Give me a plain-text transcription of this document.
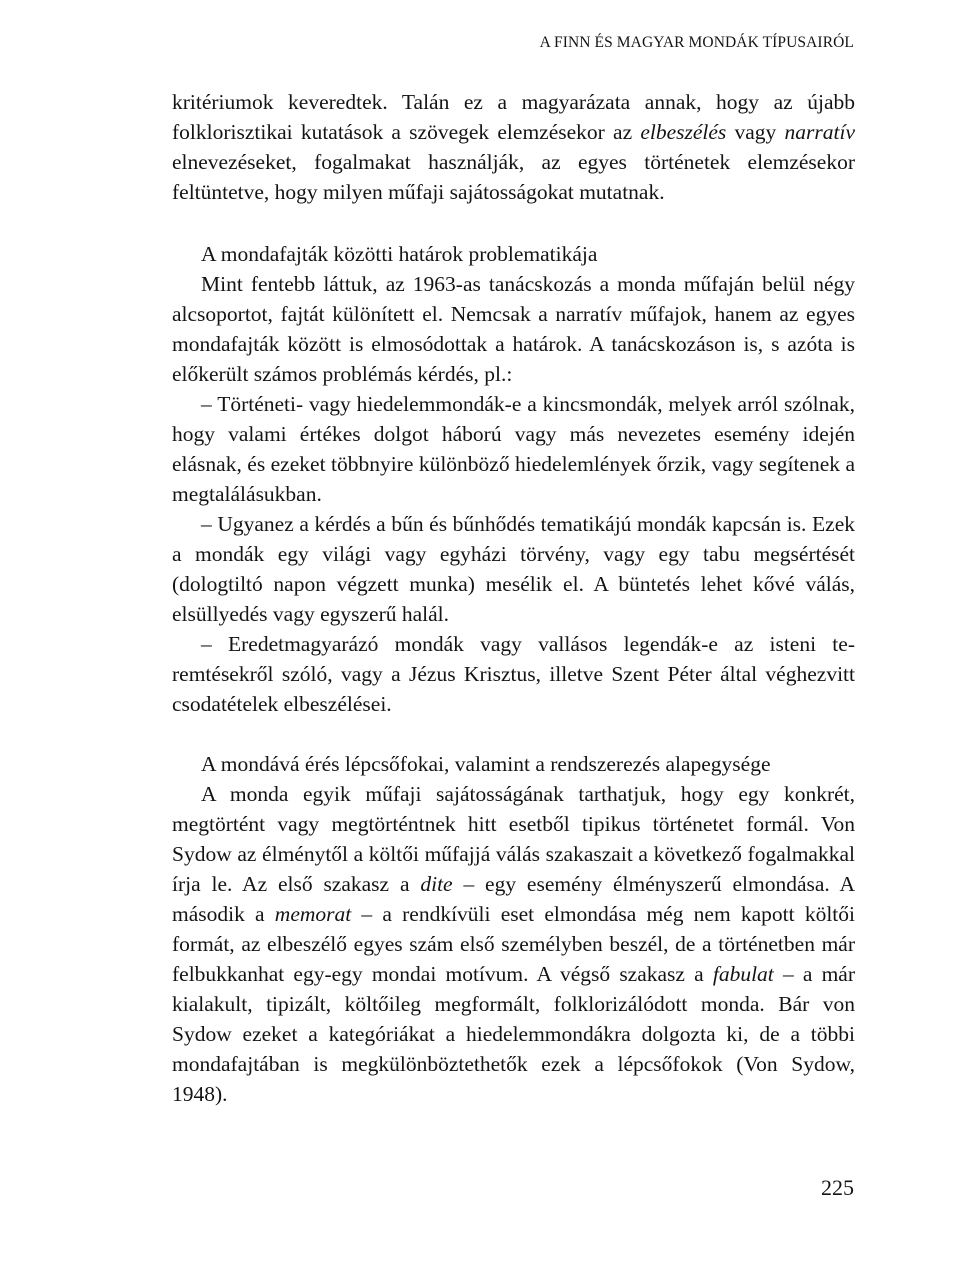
A FINN ÉS MAGYAR MONDÁK TÍPUSAIRÓL

kritériumok keveredtek. Talán ez a magyarázata annak, hogy az újabb folklorisztikai kutatások a szövegek elemzésekor az elbeszélés vagy narratív elnevezéseket, fogalmakat használják, az egyes történetek elemzésekor feltüntetve, hogy milyen műfaji sajátosságokat mutatnak.

A mondafajták közötti határok problematikája

Mint fentebb láttuk, az 1963-as tanácskozás a monda műfaján belül négy alcsoportot, fajtát különített el. Nemcsak a narratív műfajok, hanem az egyes mondafajták között is elmosódottak a határok. A tanácskozáson is, s azóta is előkerült számos problémás kérdés, pl.:

– Történeti- vagy hiedelemmondák-e a kincsmondák, melyek arról szólnak, hogy valami értékes dolgot háború vagy más nevezetes esemény idején elásnak, és ezeket többnyire különböző hiedelemlények őrzik, vagy segítenek a megtalálásukban.

– Ugyanez a kérdés a bűn és bűnhődés tematikájú mondák kapcsán is. Ezek a mondák egy világi vagy egyházi törvény, vagy egy tabu megsértését (dologtiltó napon végzett munka) mesélik el. A büntetés lehet kővé válás, elsüllyedés vagy egyszerű halál.

– Eredetmagyarázó mondák vagy vallásos legendák-e az isteni teremtésekről szóló, vagy a Jézus Krisztus, illetve Szent Péter által véghezvitt csodatételek elbeszélései.

A mondává érés lépcsőfokai, valamint a rendszerezés alapegysége

A monda egyik műfaji sajátosságának tarthatjuk, hogy egy konkrét, megtörtént vagy megtörténtnek hitt esetből tipikus történetet formál. Von Sydow az élménytől a költői műfajjá válás szakaszait a következő fogalmakkal írja le. Az első szakasz a dite – egy esemény élményszerű elmondása. A második a memorat – a rendkívüli eset elmondása még nem kapott költői formát, az elbeszélő egyes szám első személyben beszél, de a történetben már felbukkanhat egy-egy mondai motívum. A végső szakasz a fabulat – a már kialakult, tipizált, költőileg megformált, folklorizálódott monda. Bár von Sydow ezeket a kategóriákat a hiedelemmondákra dolgozta ki, de a többi mondafajtában is megkülönböztethetők ezek a lépcsőfokok (Von Sydow, 1948).

225
